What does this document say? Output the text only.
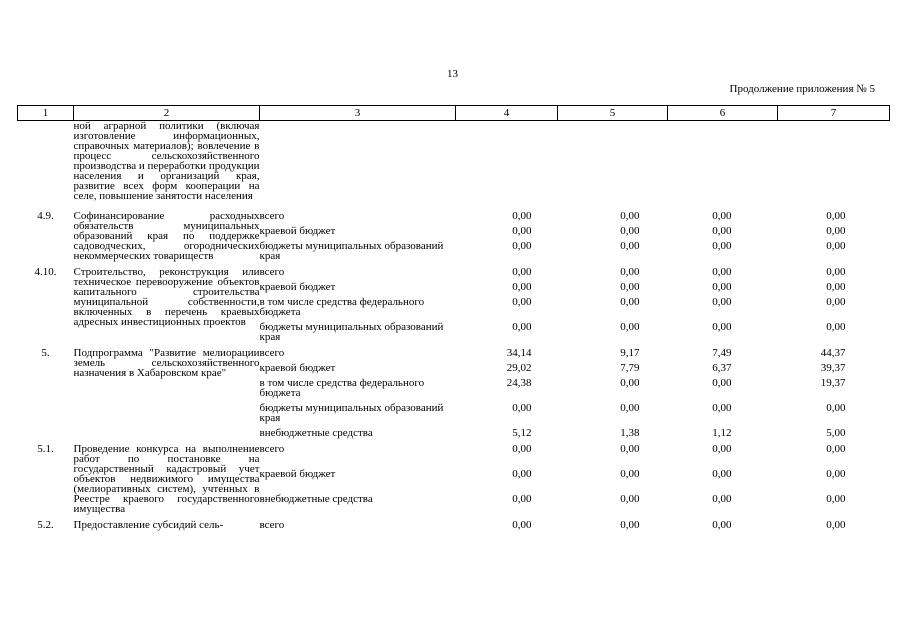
13
Продолжение приложения № 5
1	2	3	4	5	6	7
	ной аграрной политики (включая изготовление информационных, справочных материалов); вовлечение в процесс сельскохозяйственного производства и переработки продукции населения и организаций края, развитие всех форм кооперации на селе, повышение занятости населения					
4.9.	Софинансирование расходных обязательств муниципальных образований края по поддержке садоводческих, огороднических некоммерческих товариществ	всего	0,00	0,00	0,00	0,00
		краевой бюджет	0,00	0,00	0,00	0,00
		бюджеты муниципальных образований края	0,00	0,00	0,00	0,00
4.10.	Строительство, реконструкция или техническое перевооружение объектов капитального строительства муниципальной собственности, включенных в перечень краевых адресных инвестиционных проектов	всего	0,00	0,00	0,00	0,00
		краевой бюджет	0,00	0,00	0,00	0,00
		в том числе средства федерального бюджета	0,00	0,00	0,00	0,00
		бюджеты муниципальных образований края	0,00	0,00	0,00	0,00
5.	Подпрограмма "Развитие мелиорации земель сельскохозяйственного назначения в Хабаровском крае"	всего	34,14	9,17	7,49	44,37
		краевой бюджет	29,02	7,79	6,37	39,37
		в том числе средства федерального бюджета	24,38	0,00	0,00	19,37
		бюджеты муниципальных образований края	0,00	0,00	0,00	0,00
		внебюджетные средства	5,12	1,38	1,12	5,00
5.1.	Проведение конкурса на выполнение работ по постановке на государственный кадастровый учет объектов недвижимого имущества (мелиоративных систем), учтенных в Реестре краевого государственного имущества	всего	0,00	0,00	0,00	0,00
		краевой бюджет	0,00	0,00	0,00	0,00
		внебюджетные средства	0,00	0,00	0,00	0,00
5.2.	Предоставление субсидий сель-	всего	0,00	0,00	0,00	0,00
